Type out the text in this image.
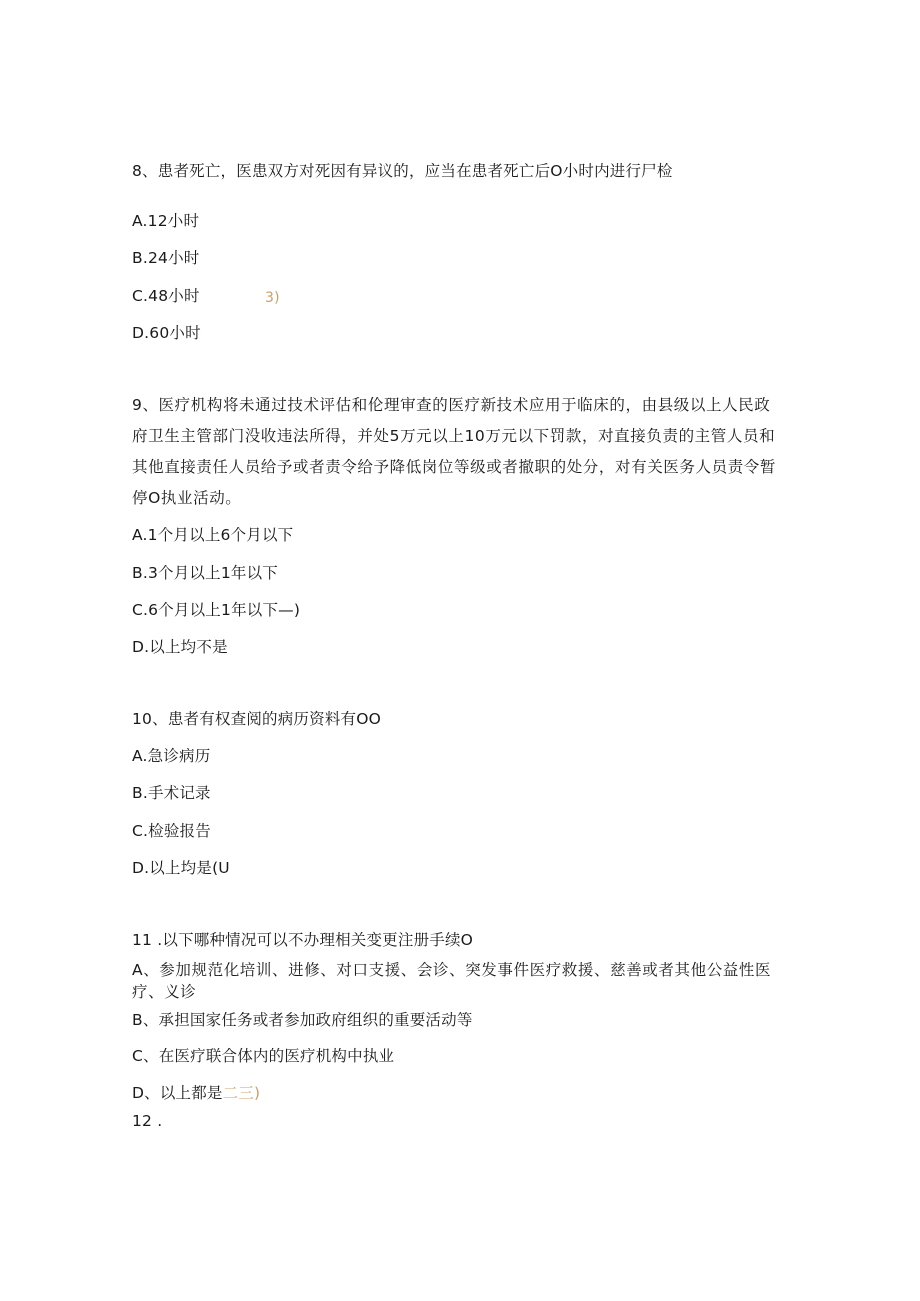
8、患者死亡，医患双方对死因有异议的，应当在患者死亡后O小时内进行尸检
A.12小时
B.24小时
C.48小时	3)
D.60小时
9、医疗机构将未通过技术评估和伦理审查的医疗新技术应用于临床的，由县级以上人民政府卫生主管部门没收违法所得，并处5万元以上10万元以下罚款，对直接负责的主管人员和其他直接责任人员给予或者责令给予降低岗位等级或者撤职的处分，对有关医务人员责令暂停O执业活动。
A.1个月以上6个月以下
B.3个月以上1年以下
C.6个月以上1年以下—)
D.以上均不是
10、患者有权查阅的病历资料有OO
A.急诊病历
B.手术记录
C.检验报告
D.以上均是(U
11 .以下哪种情况可以不办理相关变更注册手续O
A、参加规范化培训、进修、对口支援、会诊、突发事件医疗救援、慈善或者其他公益性医疗、义诊
B、承担国家任务或者参加政府组织的重要活动等
C、在医疗联合体内的医疗机构中执业
D、以上都是二三)
12 .
